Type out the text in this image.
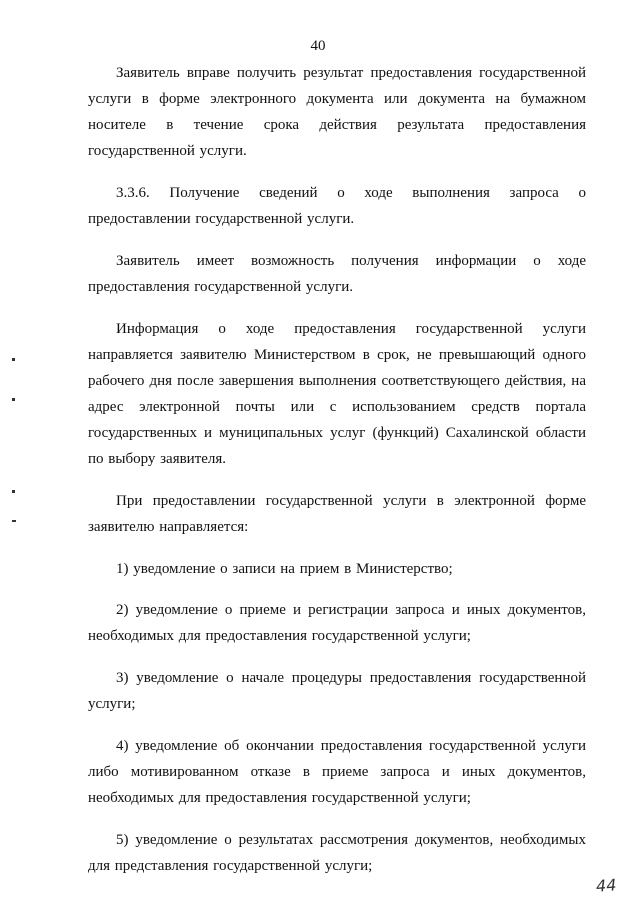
40

Заявитель вправе получить результат предоставления государственной услуги в форме электронного документа или документа на бумажном носителе в течение срока действия результата предоставления государственной услуги.

3.3.6. Получение сведений о ходе выполнения запроса о предоставлении государственной услуги.

Заявитель имеет возможность получения информации о ходе предоставления государственной услуги.

Информация о ходе предоставления государственной услуги направляется заявителю Министерством в срок, не превышающий одного рабочего дня после завершения выполнения соответствующего действия, на адрес электронной почты или с использованием средств портала государственных и муниципальных услуг (функций) Сахалинской области по выбору заявителя.

При предоставлении государственной услуги в электронной форме заявителю направляется:

1) уведомление о записи на прием в Министерство;

2) уведомление о приеме и регистрации запроса и иных документов, необходимых для предоставления государственной услуги;

3) уведомление о начале процедуры предоставления государственной услуги;

4) уведомление об окончании предоставления государственной услуги либо мотивированном отказе в приеме запроса и иных документов, необходимых для предоставления государственной услуги;

5) уведомление о результатах рассмотрения документов, необходимых для представления государственной услуги;

44
